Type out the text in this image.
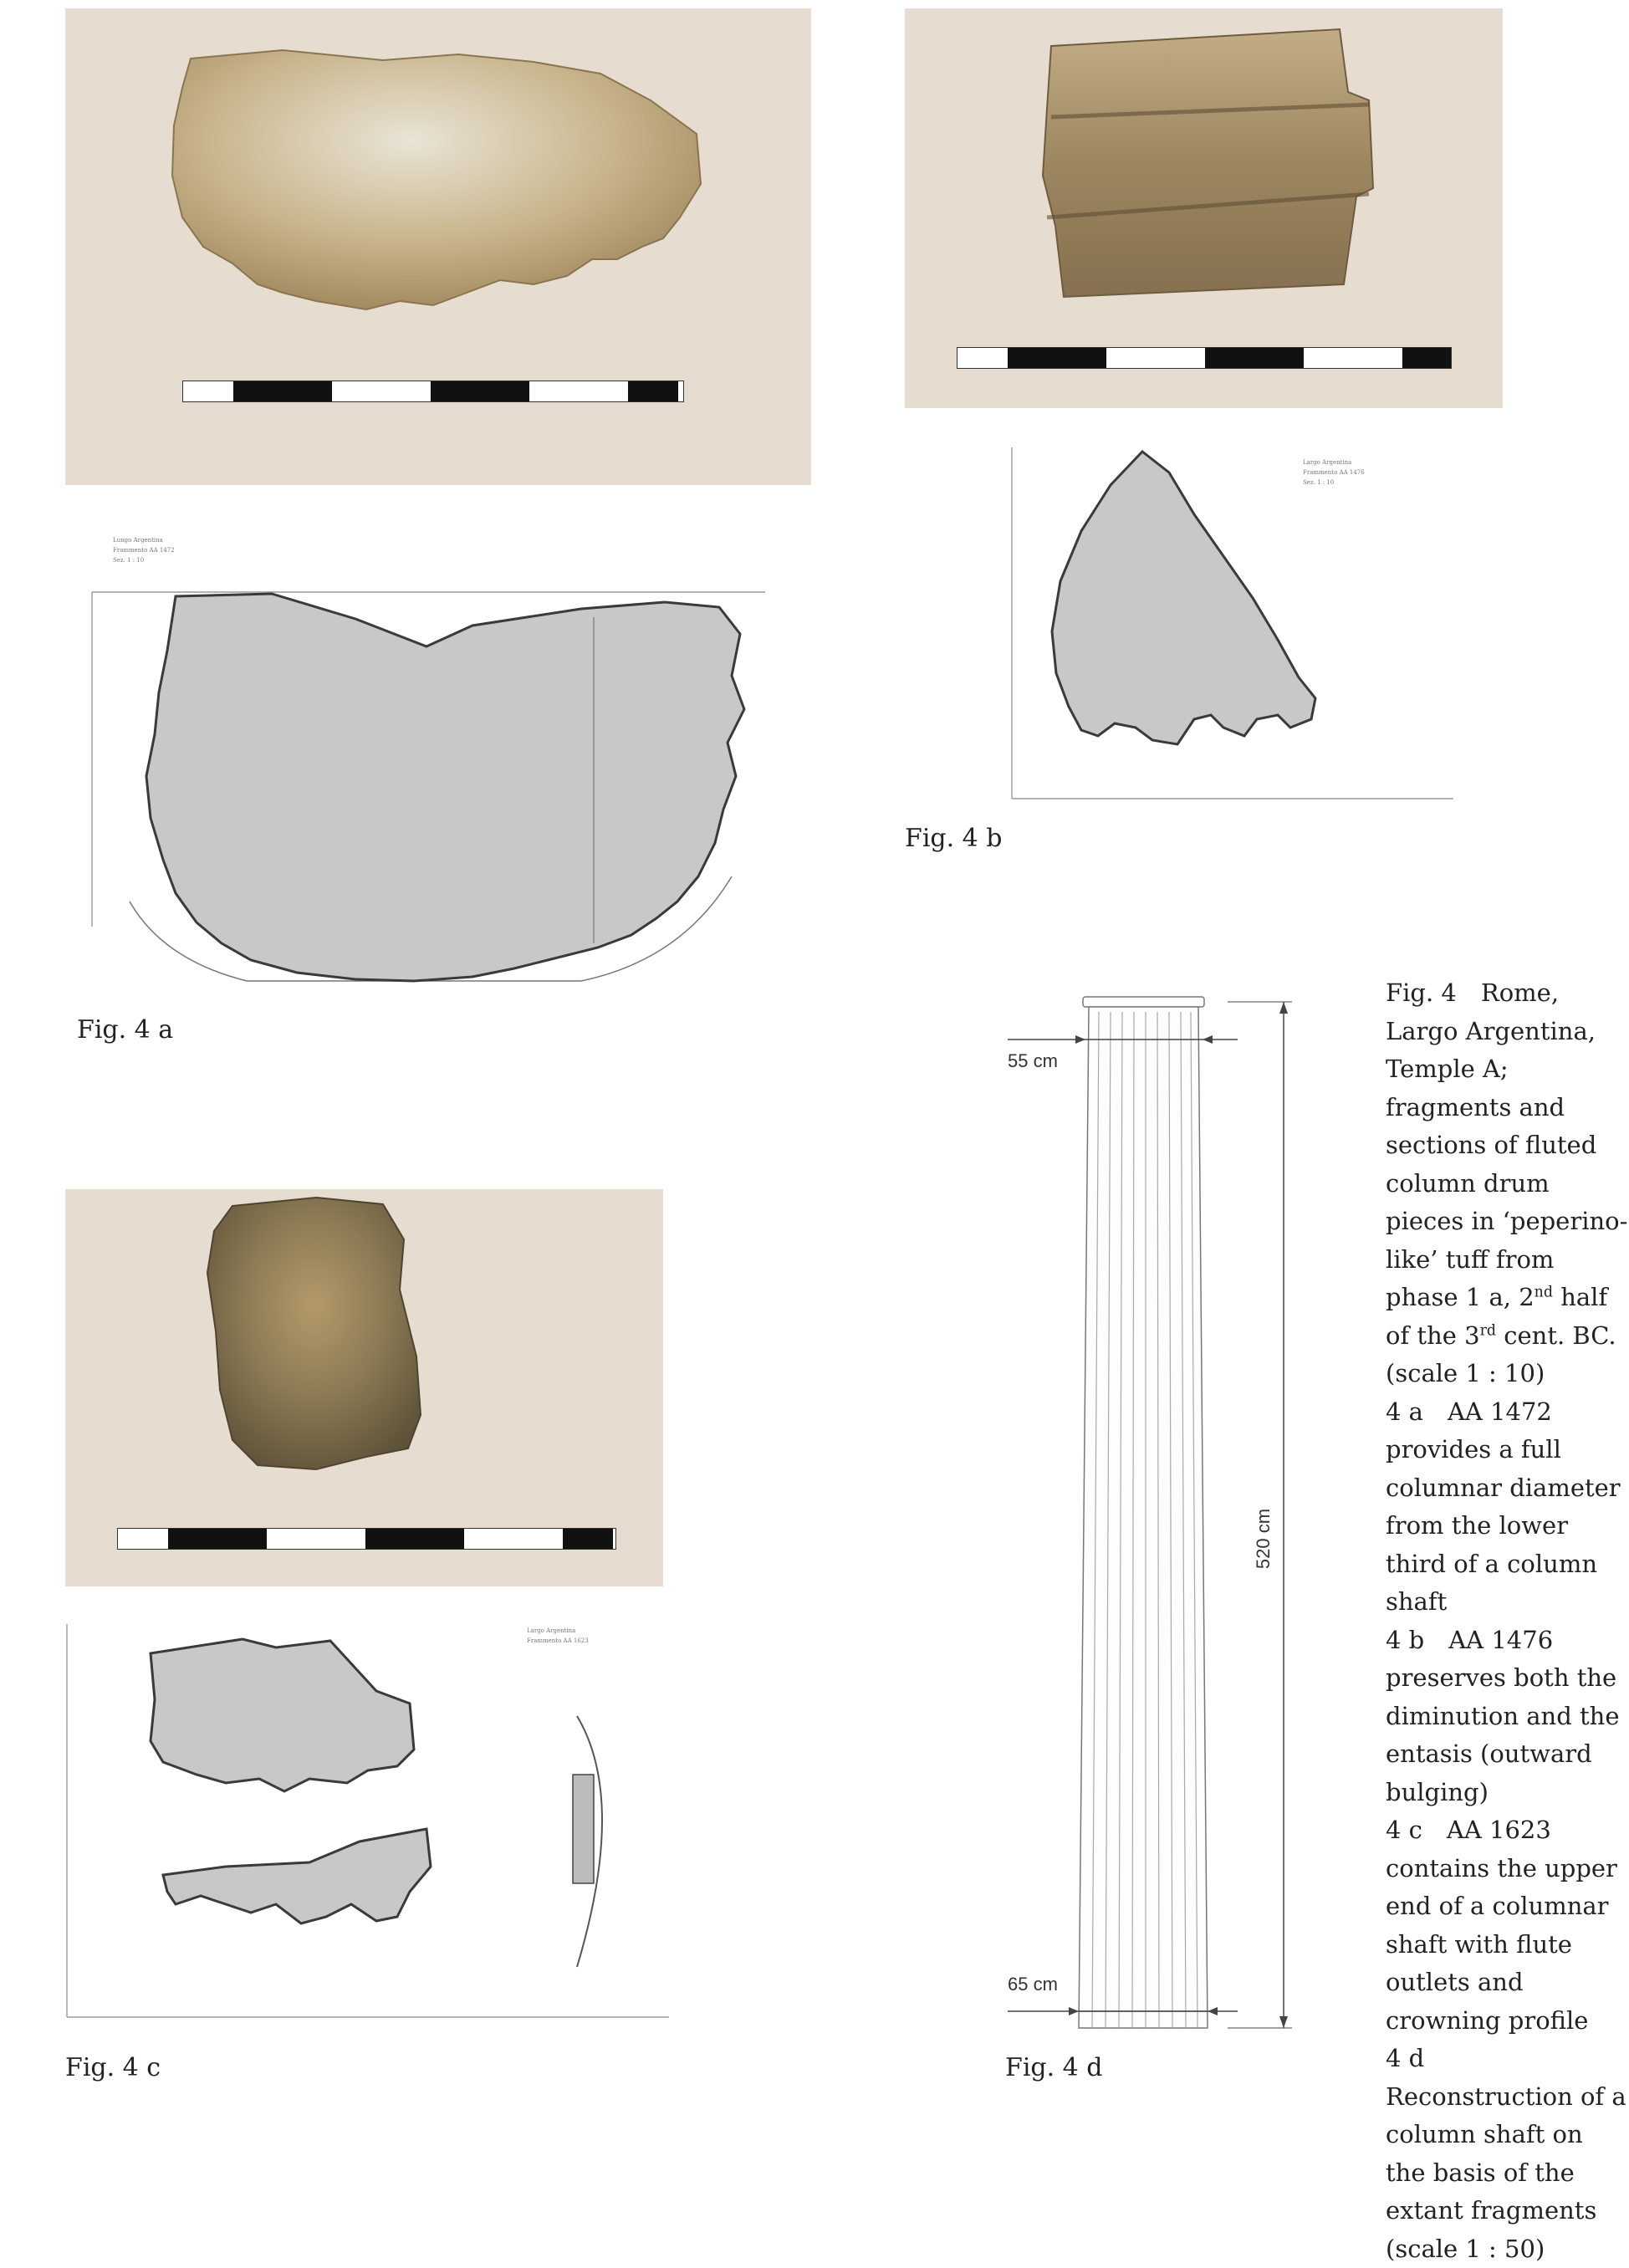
Lungo Argentina
Frammento AA 1472
Sez. 1 : 10
Fig. 4 a
Largo Argentina
Frammento AA 1476
Sez. 1 : 10
Fig. 4 b
Largo Argentina
Frammento AA 1623
Fig. 4 c
55 cm
65 cm
520 cm
Fig. 4 d

Fig. 4  Rome, Largo Argentina, Temple A; fragments and sections of fluted column drum pieces in ‘peperino-like’ tuff from phase 1 a, 2nd half of the 3rd cent. BC. (scale 1 : 10)

4 a  AA 1472 provides a full columnar diameter from the lower third of a column shaft

4 b  AA 1476 preserves both the diminution and the entasis (outward bulging)

4 c  AA 1623 contains the upper end of a columnar shaft with flute outlets and crowning profile

4 d Reconstruction of a column shaft on the basis of the extant fragments (scale 1 : 50)
